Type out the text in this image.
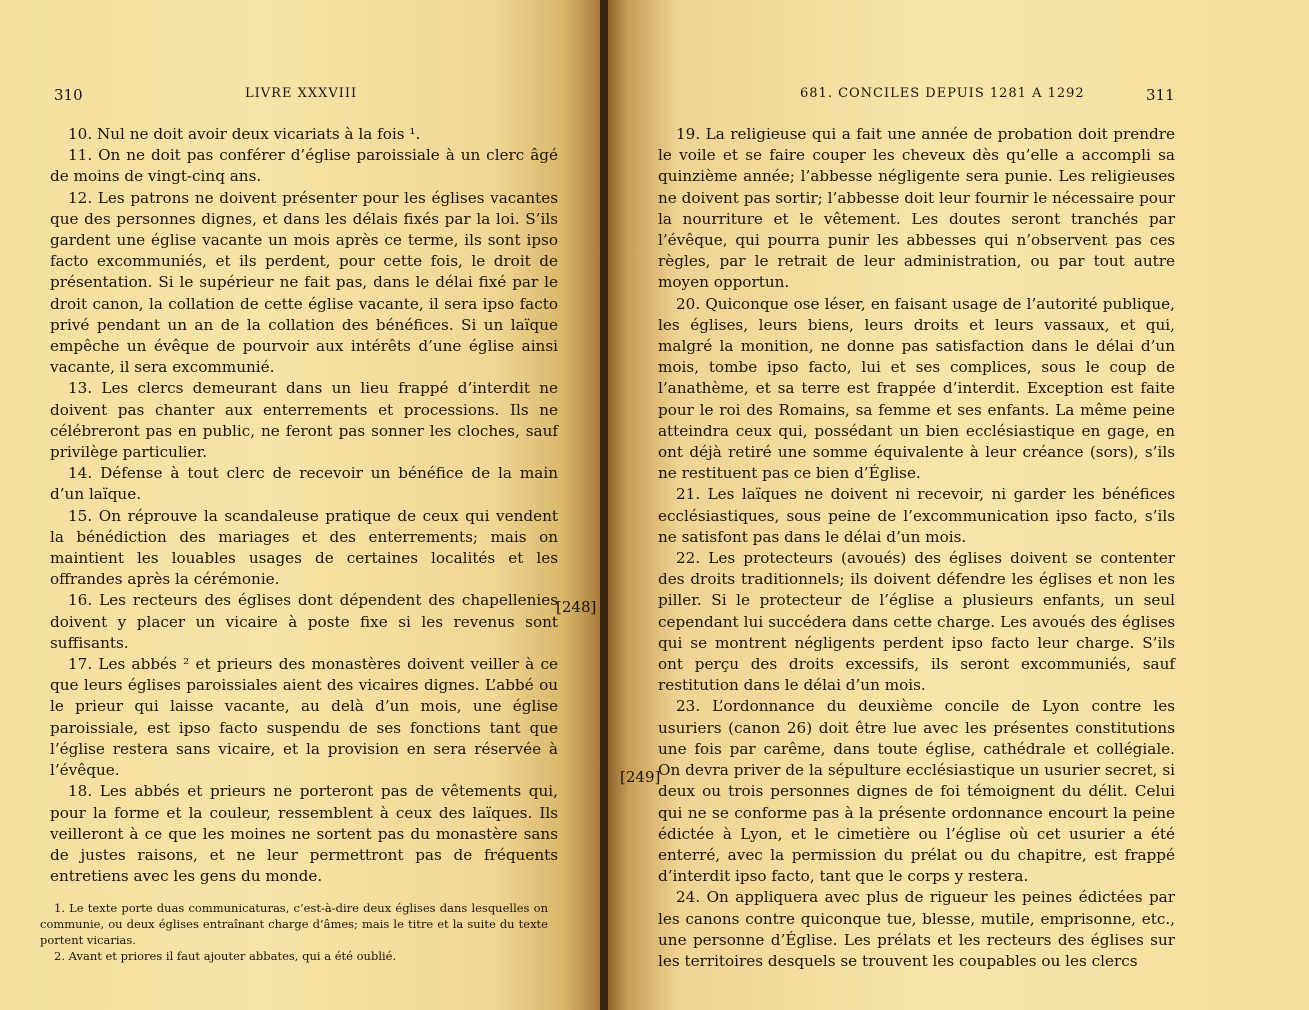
310	LIVRE XXXVIII

10. Nul ne doit avoir deux vicariats à la fois ¹.

11. On ne doit pas conférer d’église paroissiale à un clerc âgé de moins de vingt-cinq ans.

12. Les patrons ne doivent présenter pour les églises vacantes que des personnes dignes, et dans les délais fixés par la loi. S’ils gardent une église vacante un mois après ce terme, ils sont ipso facto excommuniés, et ils perdent, pour cette fois, le droit de présentation. Si le supérieur ne fait pas, dans le délai fixé par le droit canon, la collation de cette église vacante, il sera ipso facto privé pendant un an de la collation des bénéfices. Si un laïque empêche un évêque de pourvoir aux intérêts d’une église ainsi vacante, il sera excommunié.

13. Les clercs demeurant dans un lieu frappé d’interdit ne doivent pas chanter aux enterrements et processions. Ils ne célébreront pas en public, ne feront pas sonner les cloches, sauf privilège particulier.

14. Défense à tout clerc de recevoir un bénéfice de la main d’un laïque.

15. On réprouve la scandaleuse pratique de ceux qui vendent la bénédiction des mariages et des enterrements; mais on maintient les louables usages de certaines localités et les offrandes après la cérémonie.

16. Les recteurs des églises dont dépendent des chapellenies doivent y placer un vicaire à poste fixe si les revenus sont suffisants.

17. Les abbés ² et prieurs des monastères doivent veiller à ce que leurs églises paroissiales aient des vicaires dignes. L’abbé ou le prieur qui laisse vacante, au delà d’un mois, une église paroissiale, est ipso facto suspendu de ses fonctions tant que l’église restera sans vicaire, et la provision en sera réservée à l’évêque.

18. Les abbés et prieurs ne porteront pas de vêtements qui, pour la forme et la couleur, ressemblent à ceux des laïques. Ils veilleront à ce que les moines ne sortent pas du monastère sans de justes raisons, et ne leur permettront pas de fréquents entretiens avec les gens du monde.

1. Le texte porte duas communicaturas, c’est-à-dire deux églises dans lesquelles on communie, ou deux églises entraînant charge d’âmes; mais le titre et la suite du texte portent vicarias.

2. Avant et priores il faut ajouter abbates, qui a été oublié.

[248]
681. CONCILES DEPUIS 1281 A 1292	311

19. La religieuse qui a fait une année de probation doit prendre le voile et se faire couper les cheveux dès qu’elle a accompli sa quinzième année; l’abbesse négligente sera punie. Les religieuses ne doivent pas sortir; l’abbesse doit leur fournir le nécessaire pour la nourriture et le vêtement. Les doutes seront tranchés par l’évêque, qui pourra punir les abbesses qui n’observent pas ces règles, par le retrait de leur administration, ou par tout autre moyen opportun.

20. Quiconque ose léser, en faisant usage de l’autorité publique, les églises, leurs biens, leurs droits et leurs vassaux, et qui, malgré la monition, ne donne pas satisfaction dans le délai d’un mois, tombe ipso facto, lui et ses complices, sous le coup de l’anathème, et sa terre est frappée d’interdit. Exception est faite pour le roi des Romains, sa femme et ses enfants. La même peine atteindra ceux qui, possédant un bien ecclésiastique en gage, en ont déjà retiré une somme équivalente à leur créance (sors), s’ils ne restituent pas ce bien d’Église.

21. Les laïques ne doivent ni recevoir, ni garder les bénéfices ecclésiastiques, sous peine de l’excommunication ipso facto, s’ils ne satisfont pas dans le délai d’un mois.

22. Les protecteurs (avoués) des églises doivent se contenter des droits traditionnels; ils doivent défendre les églises et non les piller. Si le protecteur de l’église a plusieurs enfants, un seul cependant lui succédera dans cette charge. Les avoués des églises qui se montrent négligents perdent ipso facto leur charge. S’ils ont perçu des droits excessifs, ils seront excommuniés, sauf restitution dans le délai d’un mois.

23. L’ordonnance du deuxième concile de Lyon contre les usuriers (canon 26) doit être lue avec les présentes constitutions une fois par carême, dans toute église, cathédrale et collégiale. On devra priver de la sépulture ecclésiastique un usurier secret, si deux ou trois personnes dignes de foi témoignent du délit. Celui qui ne se conforme pas à la présente ordonnance encourt la peine édictée à Lyon, et le cimetière ou l’église où cet usurier a été enterré, avec la permission du prélat ou du chapitre, est frappé d’interdit ipso facto, tant que le corps y restera.

24. On appliquera avec plus de rigueur les peines édictées par les canons contre quiconque tue, blesse, mutile, emprisonne, etc., une personne d’Église. Les prélats et les recteurs des églises sur les territoires desquels se trouvent les coupables ou les clercs

[249]
